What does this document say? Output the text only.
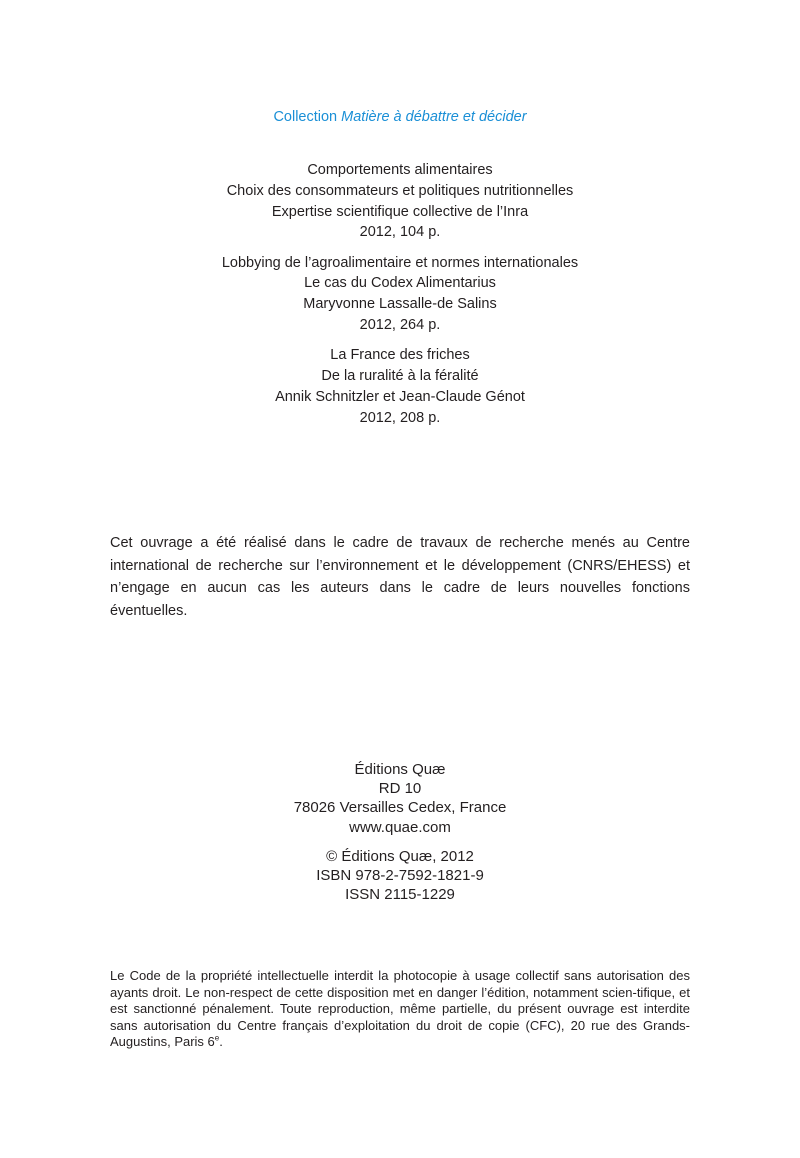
Collection Matière à débattre et décider
Comportements alimentaires
Choix des consommateurs et politiques nutritionnelles
Expertise scientifique collective de l’Inra
2012, 104 p.
Lobbying de l’agroalimentaire et normes internationales
Le cas du Codex Alimentarius
Maryvonne Lassalle-de Salins
2012, 264 p.
La France des friches
De la ruralité à la féralité
Annik Schnitzler et Jean-Claude Génot
2012, 208 p.

Cet ouvrage a été réalisé dans le cadre de travaux de recherche menés au Centre international de recherche sur l’environnement et le développement (CNRS/EHESS) et n’engage en aucun cas les auteurs dans le cadre de leurs nouvelles fonctions éventuelles.

Éditions Quæ
RD 10
78026 Versailles Cedex, France
www.quae.com
© Éditions Quæ, 2012
ISBN 978-2-7592-1821-9
ISSN 2115-1229

Le Code de la propriété intellectuelle interdit la photocopie à usage collectif sans autorisation des ayants droit. Le non-respect de cette disposition met en danger l’édition, notamment scien-tifique, et est sanctionné pénalement. Toute reproduction, même partielle, du présent ouvrage est interdite sans autorisation du Centre français d’exploitation du droit de copie (CFC), 20 rue des Grands-Augustins, Paris 6e.
